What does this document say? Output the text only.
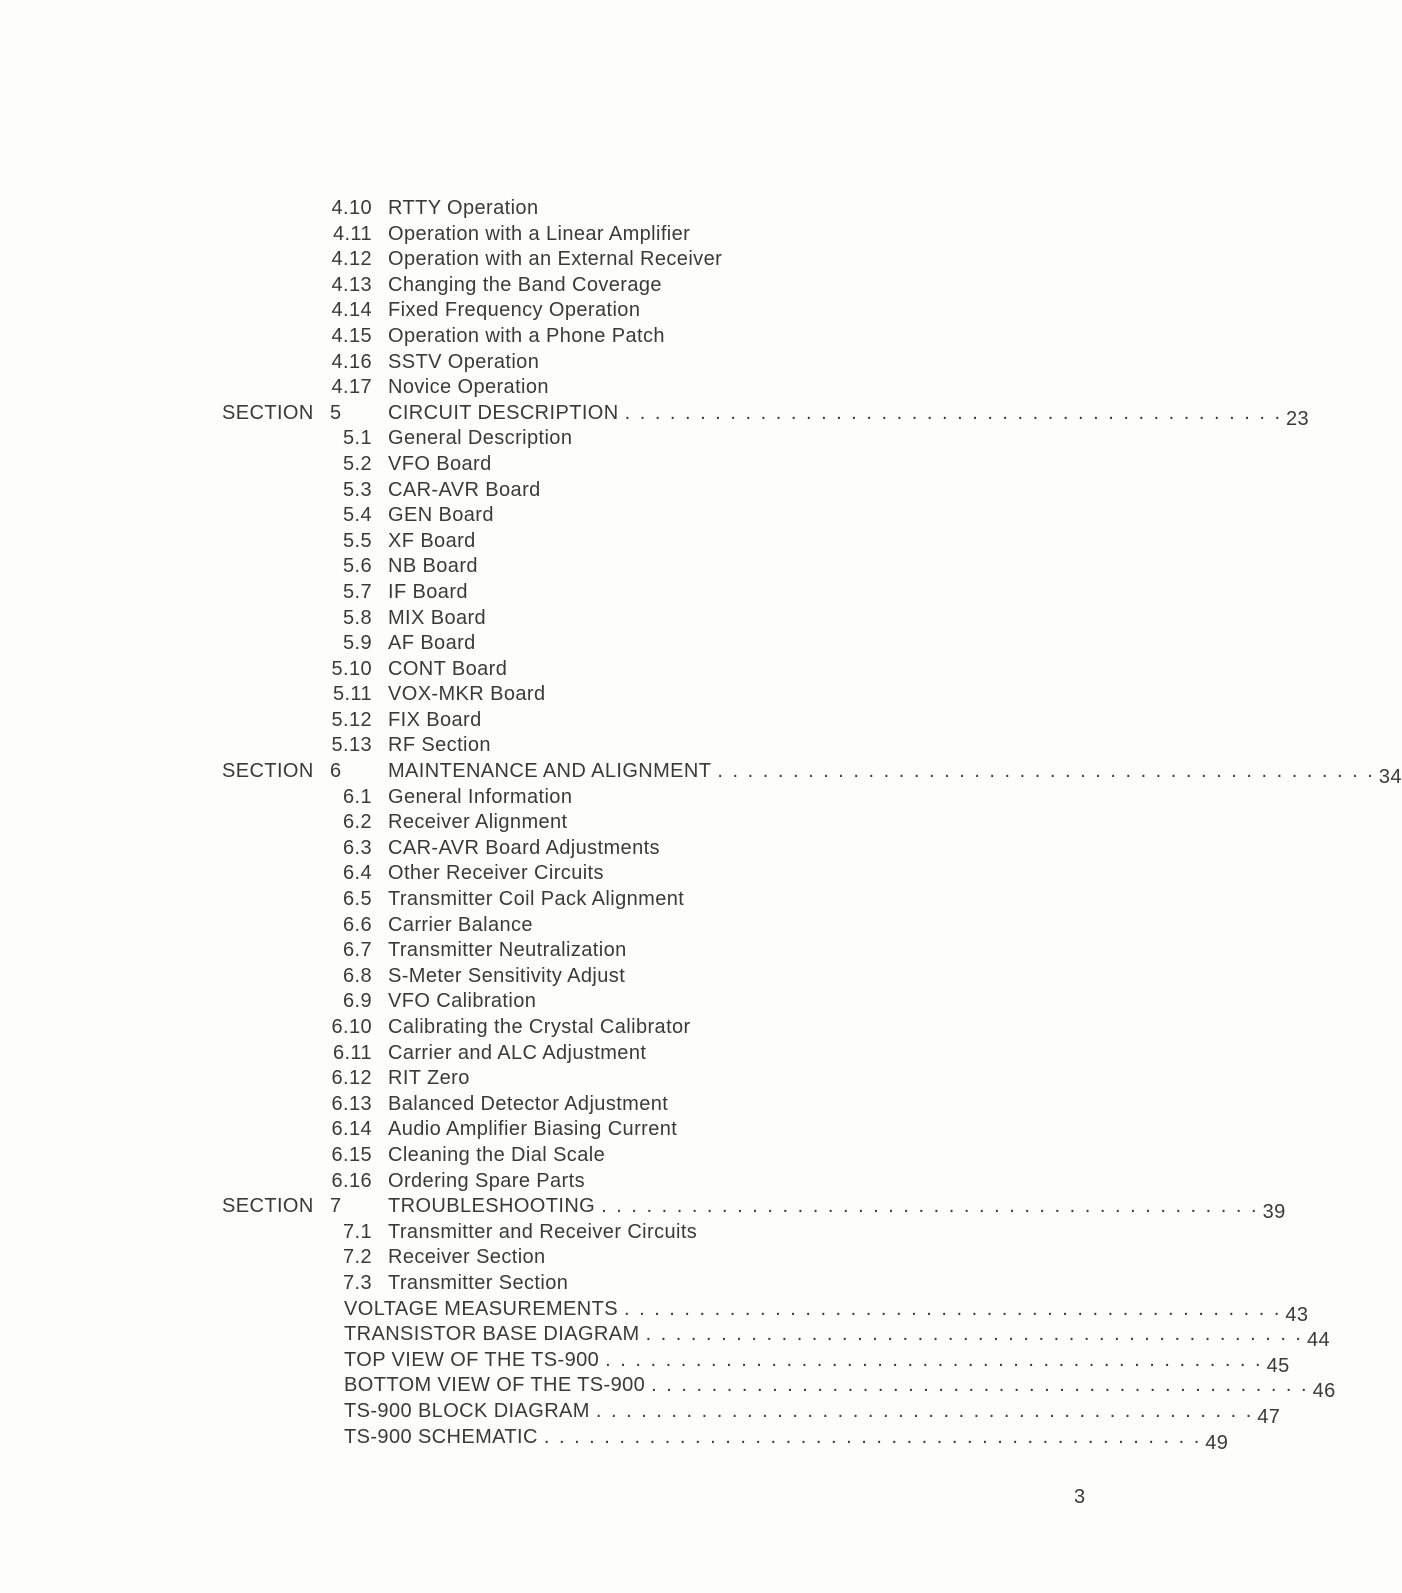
4.10 RTTY Operation
4.11 Operation with a Linear Amplifier
4.12 Operation with an External Receiver
4.13 Changing the Band Coverage
4.14 Fixed Frequency Operation
4.15 Operation with a Phone Patch
4.16 SSTV Operation
4.17 Novice Operation
SECTION 5 CIRCUIT DESCRIPTION . . . . . . . . . . . . . . . . . . . . . . . . . . . . . . . . . . . . . . . . . . . . 23
5.1 General Description
5.2 VFO Board
5.3 CAR-AVR Board
5.4 GEN Board
5.5 XF Board
5.6 NB Board
5.7 IF Board
5.8 MIX Board
5.9 AF Board
5.10 CONT Board
5.11 VOX-MKR Board
5.12 FIX Board
5.13 RF Section
SECTION 6 MAINTENANCE AND ALIGNMENT . . . . . . . . . . . . . . . . . . . . . . . . . . . . . . . . . . . . . . . . . . . . 34
6.1 General Information
6.2 Receiver Alignment
6.3 CAR-AVR Board Adjustments
6.4 Other Receiver Circuits
6.5 Transmitter Coil Pack Alignment
6.6 Carrier Balance
6.7 Transmitter Neutralization
6.8 S-Meter Sensitivity Adjust
6.9 VFO Calibration
6.10 Calibrating the Crystal Calibrator
6.11 Carrier and ALC Adjustment
6.12 RIT Zero
6.13 Balanced Detector Adjustment
6.14 Audio Amplifier Biasing Current
6.15 Cleaning the Dial Scale
6.16 Ordering Spare Parts
SECTION 7 TROUBLESHOOTING . . . . . . . . . . . . . . . . . . . . . . . . . . . . . . . . . . . . . . . . . . . . 39
7.1 Transmitter and Receiver Circuits
7.2 Receiver Section
7.3 Transmitter Section
VOLTAGE MEASUREMENTS . . . . . . . . . . . . . . . . . . . . . . . . . . . . . . . . . . . . . . . . . . . . 43
TRANSISTOR BASE DIAGRAM . . . . . . . . . . . . . . . . . . . . . . . . . . . . . . . . . . . . . . . . . . . . 44
TOP VIEW OF THE TS-900 . . . . . . . . . . . . . . . . . . . . . . . . . . . . . . . . . . . . . . . . . . . . 45
BOTTOM VIEW OF THE TS-900 . . . . . . . . . . . . . . . . . . . . . . . . . . . . . . . . . . . . . . . . . . . . 46
TS-900 BLOCK DIAGRAM . . . . . . . . . . . . . . . . . . . . . . . . . . . . . . . . . . . . . . . . . . . . 47
TS-900 SCHEMATIC . . . . . . . . . . . . . . . . . . . . . . . . . . . . . . . . . . . . . . . . . . . . 49
3
